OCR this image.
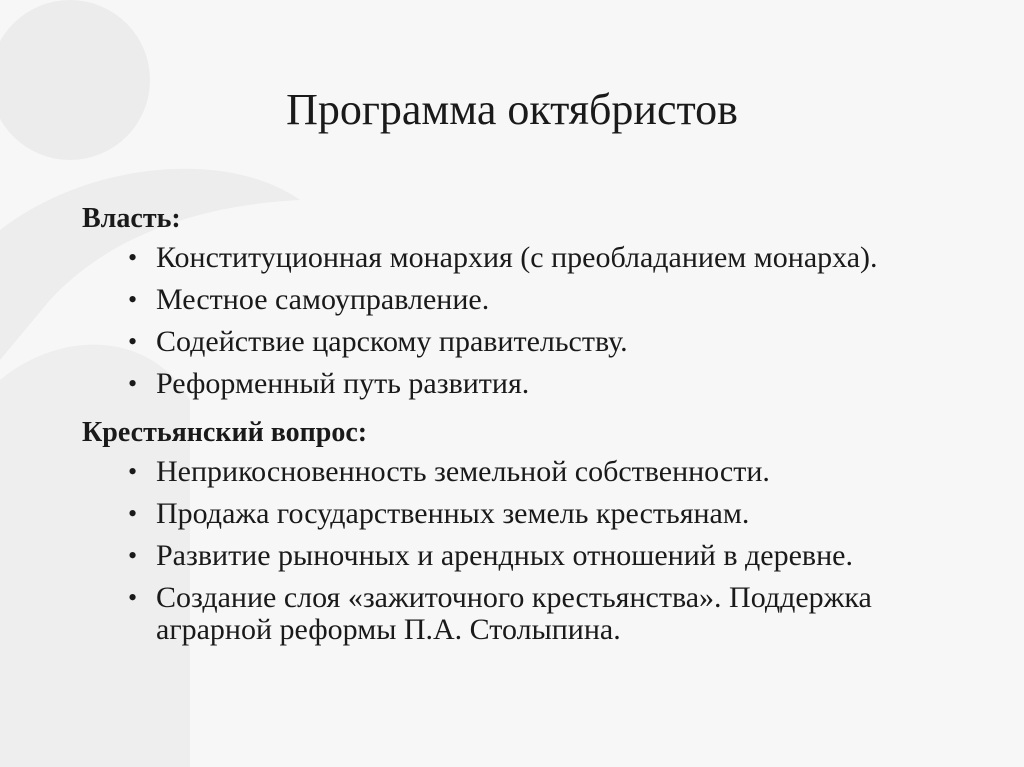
Программа октябристов
Власть:
• Конституционная монархия (с преобладанием монарха).
• Местное самоуправление.
• Содействие царскому правительству.
• Реформенный путь развития.
Крестьянский вопрос:
• Неприкосновенность земельной собственности.
• Продажа государственных земель крестьянам.
• Развитие рыночных и арендных отношений в деревне.
• Создание слоя «зажиточного крестьянства». Поддержка аграрной реформы П.А. Столыпина.
